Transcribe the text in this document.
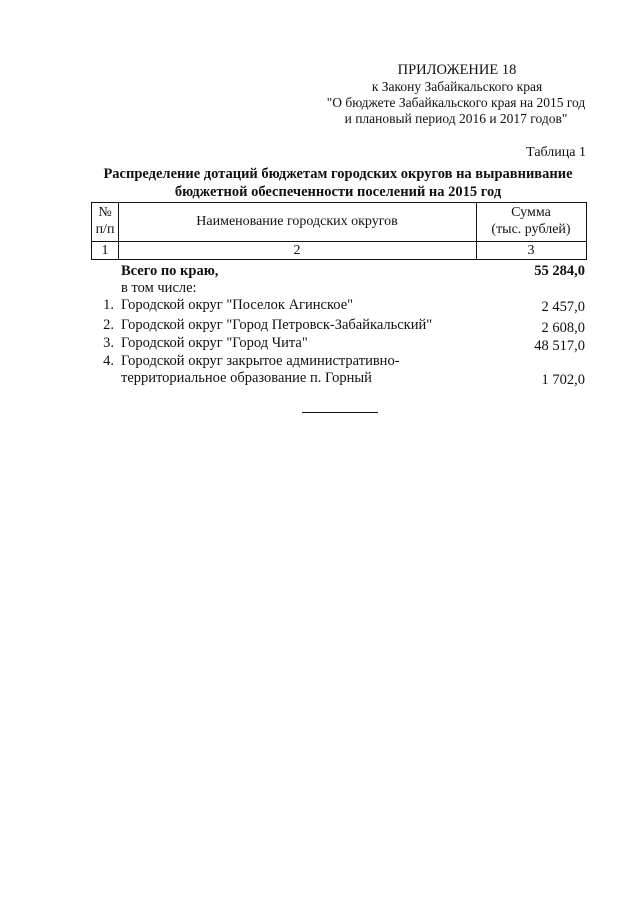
ПРИЛОЖЕНИЕ 18
к Закону Забайкальского края
"О бюджете Забайкальского края на 2015 год
и плановый период 2016 и 2017 годов"
Таблица 1
Распределение дотаций бюджетам городских округов на выравнивание
бюджетной обеспеченности поселений на 2015 год
№
п/п
Наименование городских округов
Сумма
(тыс. рублей)
1	2	3
Всего по краю,	55 284,0
в том числе:
1. Городской округ "Поселок Агинское"	2 457,0
2. Городской округ "Город Петровск-Забайкальский"	2 608,0
3. Городской округ "Город Чита"	48 517,0
4. Городской округ закрытое административно-
территориальное образование п. Горный	1 702,0
